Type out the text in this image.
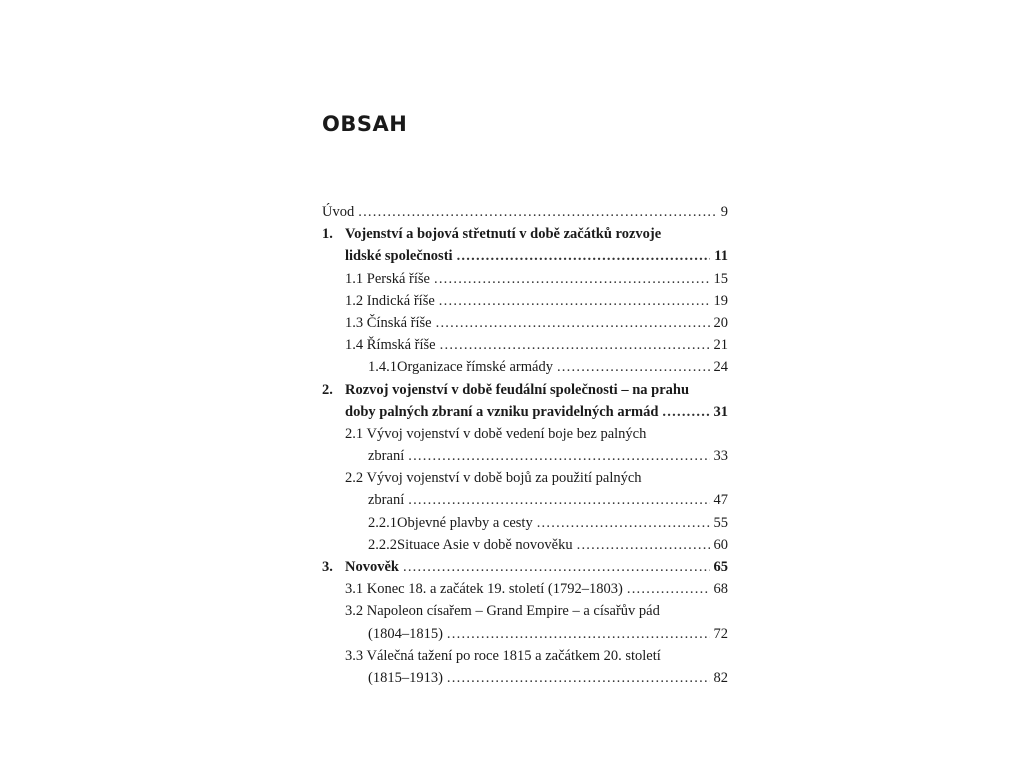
OBSAH
Úvod . . .	9
1. Vojenství a bojová střetnutí v době začátků rozvoje
lidské společnosti . . .	11
1.1 Perská říše . . .	15
1.2 Indická říše . . .	19
1.3 Čínská říše . . .	20
1.4 Římská říše . . .	21
1.4.1 Organizace římské armády . . .	24
2. Rozvoj vojenství v době feudální společnosti – na prahu
doby palných zbraní a vzniku pravidelných armád . . .	31
2.1 Vývoj vojenství v době vedení boje bez palných
zbraní . . .	33
2.2 Vývoj vojenství v době bojů za použití palných
zbraní . . .	47
2.2.1 Objevné plavby a cesty . . .	55
2.2.2 Situace Asie v době novověku . . .	60
3. Novověk . . .	65
3.1 Konec 18. a začátek 19. století (1792–1803) . . .	68
3.2 Napoleon císařem – Grand Empire – a císařův pád
(1804–1815) . . .	72
3.3 Válečná tažení po roce 1815 a začátkem 20. století
(1815–1913) . . .	82
